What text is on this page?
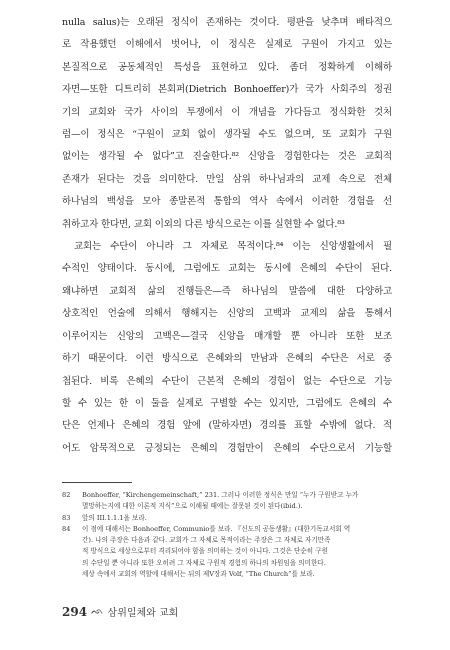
nulla salus)는 오래된 정식이 존재하는 것이다. 평판을 낮추며 배타적으
로 작용했던 이해에서 벗어나, 이 정식은 실제로 구원이 가지고 있는
본질적으로 공동체적인 특성을 표현하고 있다. 좀더 정확하게 이해하
자면—또한 디트리히 본회퍼(Dietrich Bonhoeffer)가 국가 사회주의 정권
기의 교회와 국가 사이의 투쟁에서 이 개념을 가다듬고 정식화한 것처
럼—이 정식은 “구원이 교회 없이 생각될 수도 없으며, 또 교회가 구원
없이는 생각될 수 없다”고 진술한다.⁸² 신앙을 경험한다는 것은 교회적
존재가 된다는 것을 의미한다. 만일 삼위 하나님과의 교제 속으로 전체
하나님의 백성을 모아 종말론적 통합의 역사 속에서 이러한 경험을 선
취하고자 한다면, 교회 이외의 다른 방식으로는 이를 실현할 수 없다.⁸³

교회는 수단이 아니라 그 자체로 목적이다.⁸⁴ 이는 신앙생활에서 필
수적인 양태이다. 동시에, 그럼에도 교회는 동시에 은혜의 수단이 된다.
왜냐하면 교회적 삶의 진행들은—즉 하나님의 말씀에 대한 다양하고
상호적인 언술에 의해서 행해지는 신앙의 고백과 교제의 삶을 통해서
이루어지는 신앙의 고백은—결국 신앙을 매개할 뿐 아니라 또한 보조
하기 때문이다. 이런 방식으로 은혜와의 만남과 은혜의 수단은 서로 중
첩된다. 비록 은혜의 수단이 근본적 은혜의 경험이 없는 수단으로 기능
할 수 있는 한 이 둘을 실제로 구별할 수는 있지만, 그럼에도 은혜의 수
단은 언제나 은혜의 경험 앞에 (말하자면) 경의를 표할 수밖에 없다. 적
어도 암묵적으로 긍정되는 은혜의 경험만이 은혜의 수단으로서 기능할

82	Bonhoeffer, “Kirchengemeinschaft,” 231. 그러나 이러한 정식은 만일 “누가 구원받고 누가
멸망하는지에 대한 이론적 지식”으로 이해될 때에는 잘못된 것이 된다(ibid.).
83	앞의 III.1.1.1을 보라.
84	이 점에 대해서는 Bonhoeffer, Communio를 보라. 『신도의 공동생활』(대한기독교서회 역
간). 나의 주장은 다음과 같다. 교회가 그 자체로 목적이라는 주장은 그 자체로 자기만족
적 방식으로 세상으로부터 격리되어야 함을 의미하는 것이 아니다. 그것은 단순히 구원
의 수단일 뿐 아니라 또한 오히려 그 자체로 구원적 경험의 하나의 차원임을 의미한다.
세상 속에서 교회의 역할에 대해서는 뒤의 제V장과 Volf, “The Church”를 보라.
294 ᨒ 삼위일체와 교회
